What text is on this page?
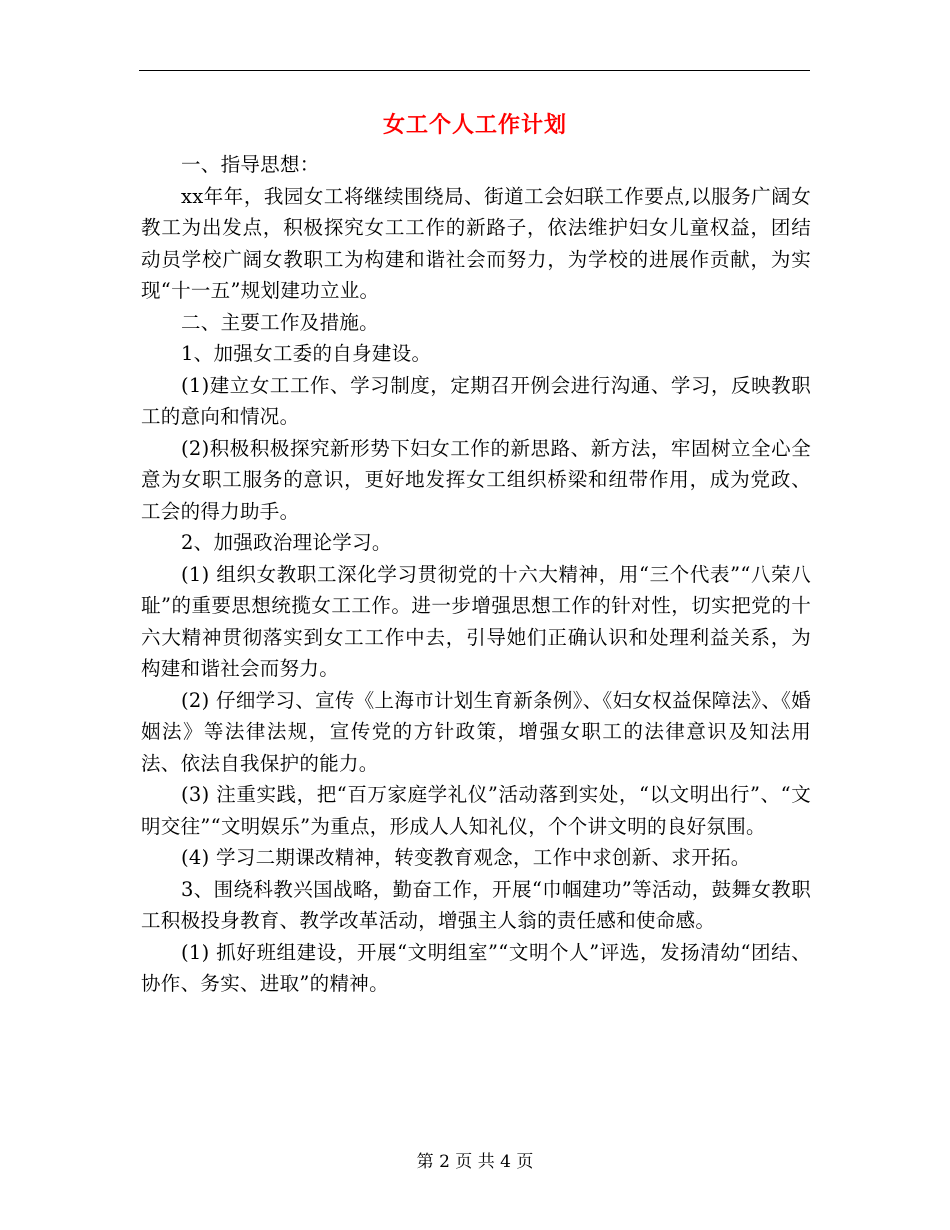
女工个人工作计划

一、指导思想：

xx年年，我园女工将继续围绕局、街道工会妇联工作要点,以服务广阔女教工为出发点，积极探究女工工作的新路子，依法维护妇女儿童权益，团结动员学校广阔女教职工为构建和谐社会而努力，为学校的进展作贡献，为实现“十一五”规划建功立业。

二、主要工作及措施。

1、加强女工委的自身建设。

(1)建立女工工作、学习制度，定期召开例会进行沟通、学习，反映教职工的意向和情况。

(2)积极积极探究新形势下妇女工作的新思路、新方法，牢固树立全心全意为女职工服务的意识，更好地发挥女工组织桥梁和纽带作用，成为党政、工会的得力助手。

2、加强政治理论学习。

(1) 组织女教职工深化学习贯彻党的十六大精神，用“三个代表”“八荣八耻”的重要思想统揽女工工作。进一步增强思想工作的针对性，切实把党的十六大精神贯彻落实到女工工作中去，引导她们正确认识和处理利益关系，为构建和谐社会而努力。

(2) 仔细学习、宣传《上海市计划生育新条例》、《妇女权益保障法》、《婚姻法》等法律法规，宣传党的方针政策，增强女职工的法律意识及知法用法、依法自我保护的能力。

(3) 注重实践，把“百万家庭学礼仪”活动落到实处，“以文明出行”、“文明交往”“文明娱乐”为重点，形成人人知礼仪，个个讲文明的良好氛围。

(4) 学习二期课改精神，转变教育观念，工作中求创新、求开拓。

3、围绕科教兴国战略，勤奋工作，开展“巾帼建功”等活动，鼓舞女教职工积极投身教育、教学改革活动，增强主人翁的责任感和使命感。

(1) 抓好班组建设，开展“文明组室”“文明个人”评选，发扬清幼“团结、协作、务实、进取”的精神。

第 2 页 共 4 页
